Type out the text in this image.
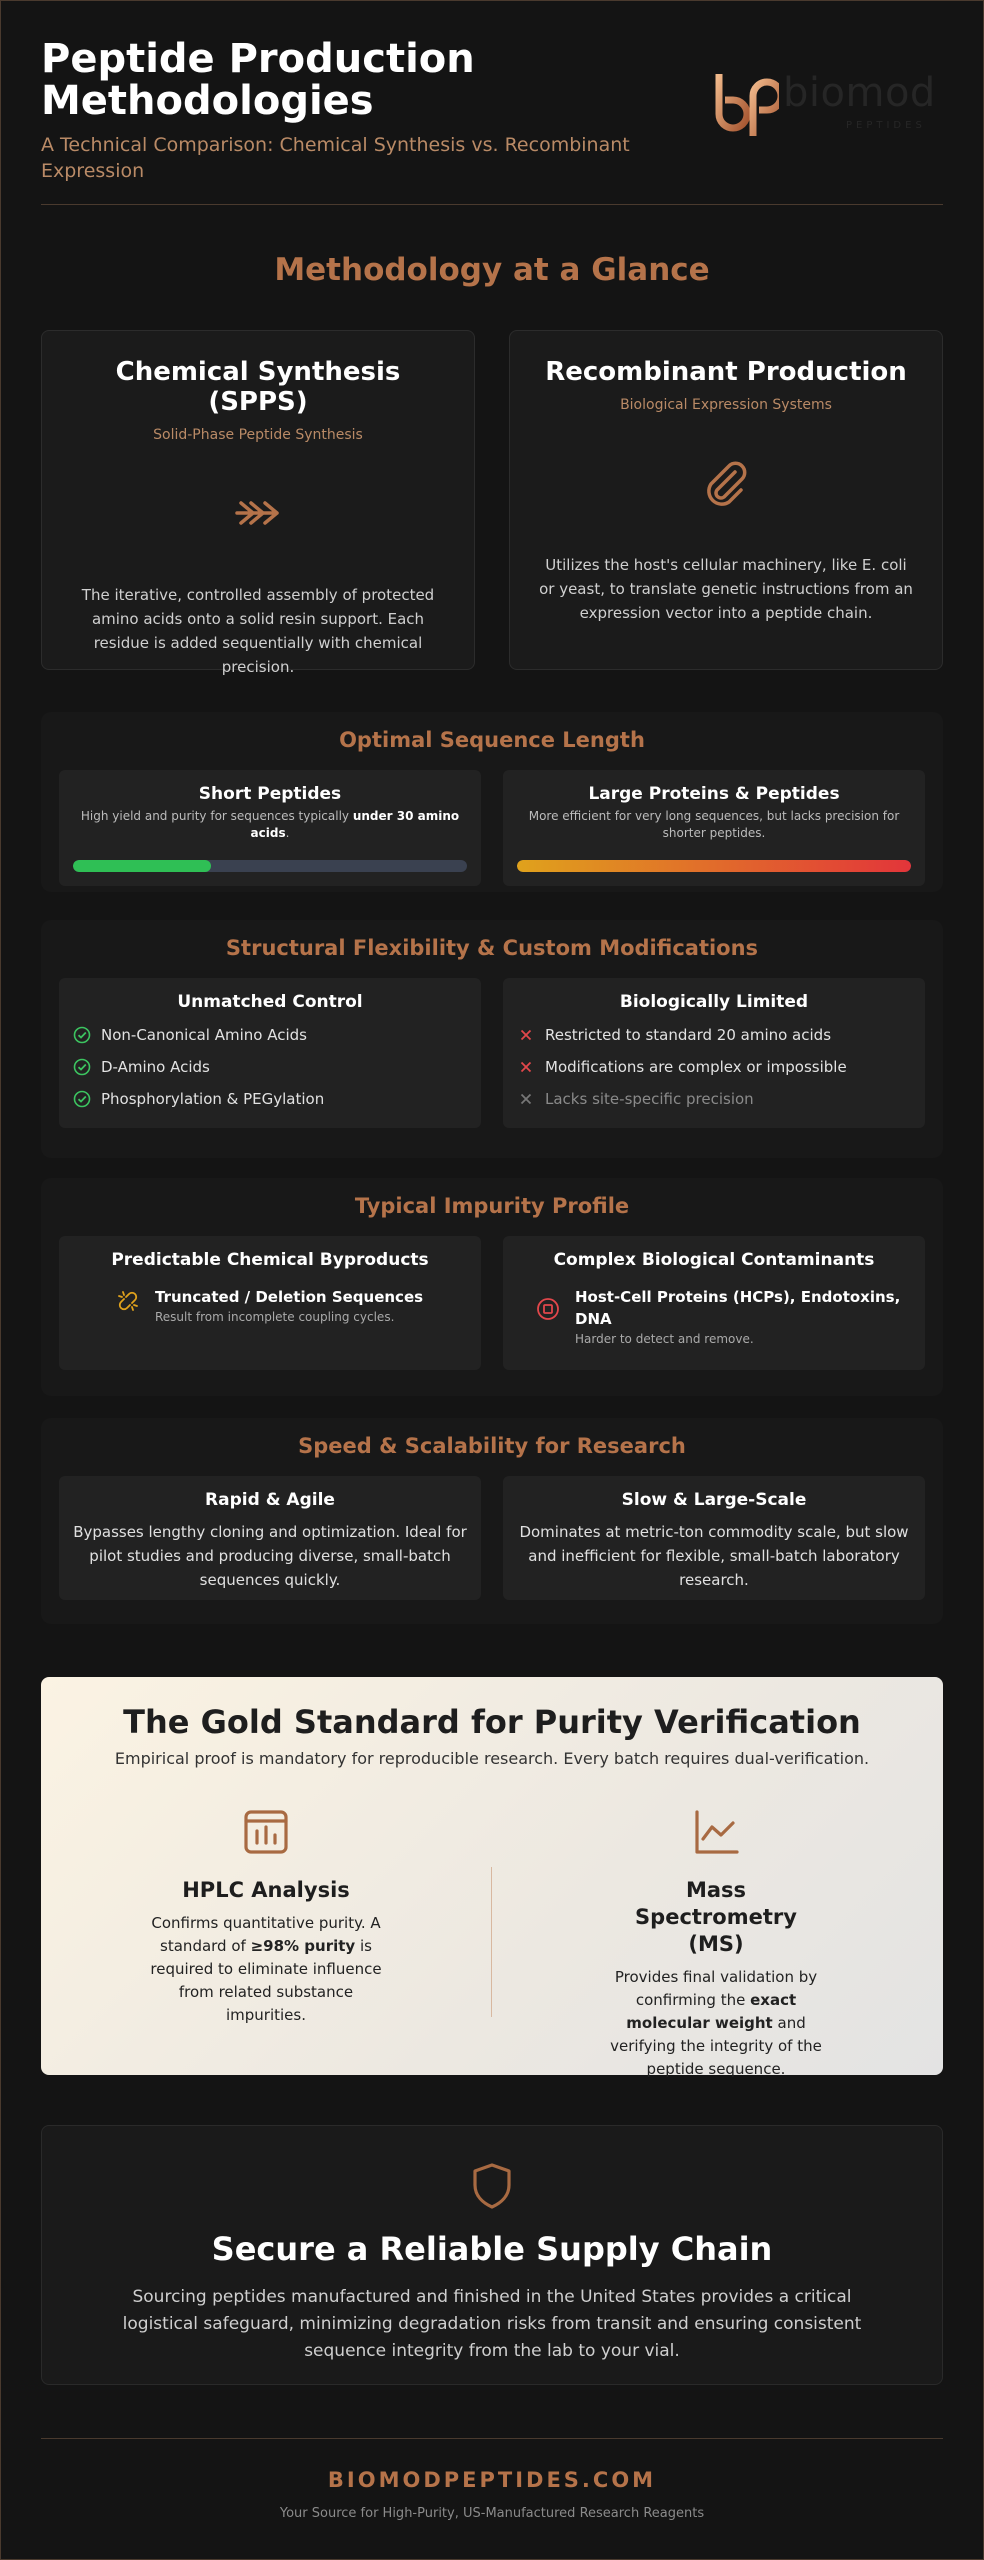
Peptide Production Methodologies
A Technical Comparison: Chemical Synthesis vs. Recombinant Expression
biomod
PEPTIDES
Methodology at a Glance
Chemical Synthesis (SPPS)
Solid-Phase Peptide Synthesis
The iterative, controlled assembly of protected amino acids onto a solid resin support. Each residue is added sequentially with chemical precision.
Recombinant Production
Biological Expression Systems
Utilizes the host's cellular machinery, like E. coli or yeast, to translate genetic instructions from an expression vector into a peptide chain.
Optimal Sequence Length
Short Peptides
High yield and purity for sequences typically under 30 amino acids.
Large Proteins & Peptides
More efficient for very long sequences, but lacks precision for shorter peptides.
Structural Flexibility & Custom Modifications
Unmatched Control
Non-Canonical Amino Acids
D-Amino Acids
Phosphorylation & PEGylation
Biologically Limited
Restricted to standard 20 amino acids
Modifications are complex or impossible
Lacks site-specific precision
Typical Impurity Profile
Predictable Chemical Byproducts
Truncated / Deletion Sequences
Result from incomplete coupling cycles.
Complex Biological Contaminants
Host-Cell Proteins (HCPs), Endotoxins, DNA
Harder to detect and remove.
Speed & Scalability for Research
Rapid & Agile
Bypasses lengthy cloning and optimization. Ideal for pilot studies and producing diverse, small-batch sequences quickly.
Slow & Large-Scale
Dominates at metric-ton commodity scale, but slow and inefficient for flexible, small-batch laboratory research.
The Gold Standard for Purity Verification
Empirical proof is mandatory for reproducible research. Every batch requires dual-verification.
HPLC Analysis
Confirms quantitative purity. A standard of ≥98% purity is required to eliminate influence from related substance impurities.
Mass Spectrometry (MS)
Provides final validation by confirming the exact molecular weight and verifying the integrity of the peptide sequence.
Secure a Reliable Supply Chain
Sourcing peptides manufactured and finished in the United States provides a critical logistical safeguard, minimizing degradation risks from transit and ensuring consistent sequence integrity from the lab to your vial.
BIOMODPEPTIDES.COM
Your Source for High-Purity, US-Manufactured Research Reagents
